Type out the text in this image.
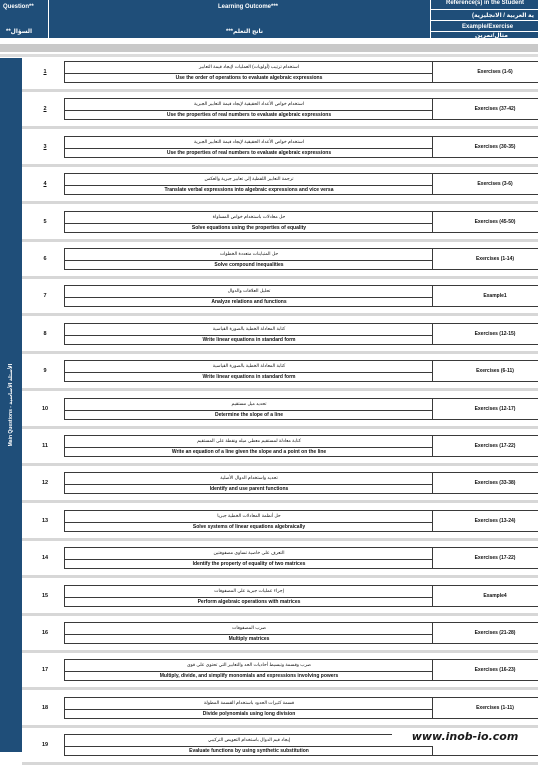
Question**
السؤال**
Learning Outcome***
ناتج التعلم***
Reference(s) in the Student
ية العربية / الانجليزية)
Example/Exercise
مثال/تمرين
Main Questions - الأسئلة الأساسية
1
استخدام ترتيب (أولويات) العمليات لإيجاد قيمة التعابير
Use the order of operations to evaluate algebraic expressions
Exercises (1-6)
2
استخدام خواص الأعداد الحقيقية لإيجاد قيمة التعابير الجبرية
Use the properties of real numbers to evaluate algebraic expressions
Exercises (37-42)
3
استخدام خواص الأعداد الحقيقية لإيجاد قيمة التعابير الجبرية
Use the properties of real numbers to evaluate algebraic expressions
Exercises (30-35)
4
ترجمة التعابير اللفظية إلى تعابير جبرية والعكس
Translate verbal expressions into algebraic expressions and vice versa
Exercises (3-6)
5
حل معادلات باستخدام خواص المساواة
Solve equations using the properties of equality
Exercises (45-50)
6
حل المتباينات متعددة الخطوات
Solve compound inequalities
Exercises (1-14)
7
تحليل العلاقات والدوال
Analyze relations and functions
Example1
8
كتابة المعادلة الخطية بالصورة القياسية
Write linear equations in standard form
Exercises (12-15)
9
كتابة المعادلة الخطية بالصورة القياسية
Write linear equations in standard form
Exercises (6-11)
10
تحديد ميل مستقيم
Determine the slope of a line
Exercises (12-17)
11
كتابة معادلة لمستقيم معطى ميله ونقطة على المستقيم
Write an equation of a line given the slope and a point on the line
Exercises (17-22)
12
تحديد واستخدام الدوال الأصلية
Identify and use parent functions
Exercises (33-38)
13
حل أنظمة المعادلات الخطية جبريا
Solve systems of linear equations algebraically
Exercises (13-24)
14
التعرف على خاصية تساوي مصفوفتين
Identify the property of equality of two matrices
Exercises (17-22)
15
إجراء عمليات جبرية على المصفوفات
Perform algebraic operations with matrices
Example4
16
ضرب المصفوفات
Multiply matrices
Exercises (21-28)
17
ضرب وقسمة وتبسيط أحاديات الحد والتعابير التي تحتوي على قوى
Multiply, divide, and simplify monomials and expressions involving powers
Exercises (16-23)
18
قسمة كثيرات الحدود باستخدام القسمة المطولة
Divide polynomials using long division
Exercises (1-11)
19
إيجاد قيم الدوال باستخدام التعويض التركيبي
Evaluate functions by using synthetic substitution
www.inob-io.com
